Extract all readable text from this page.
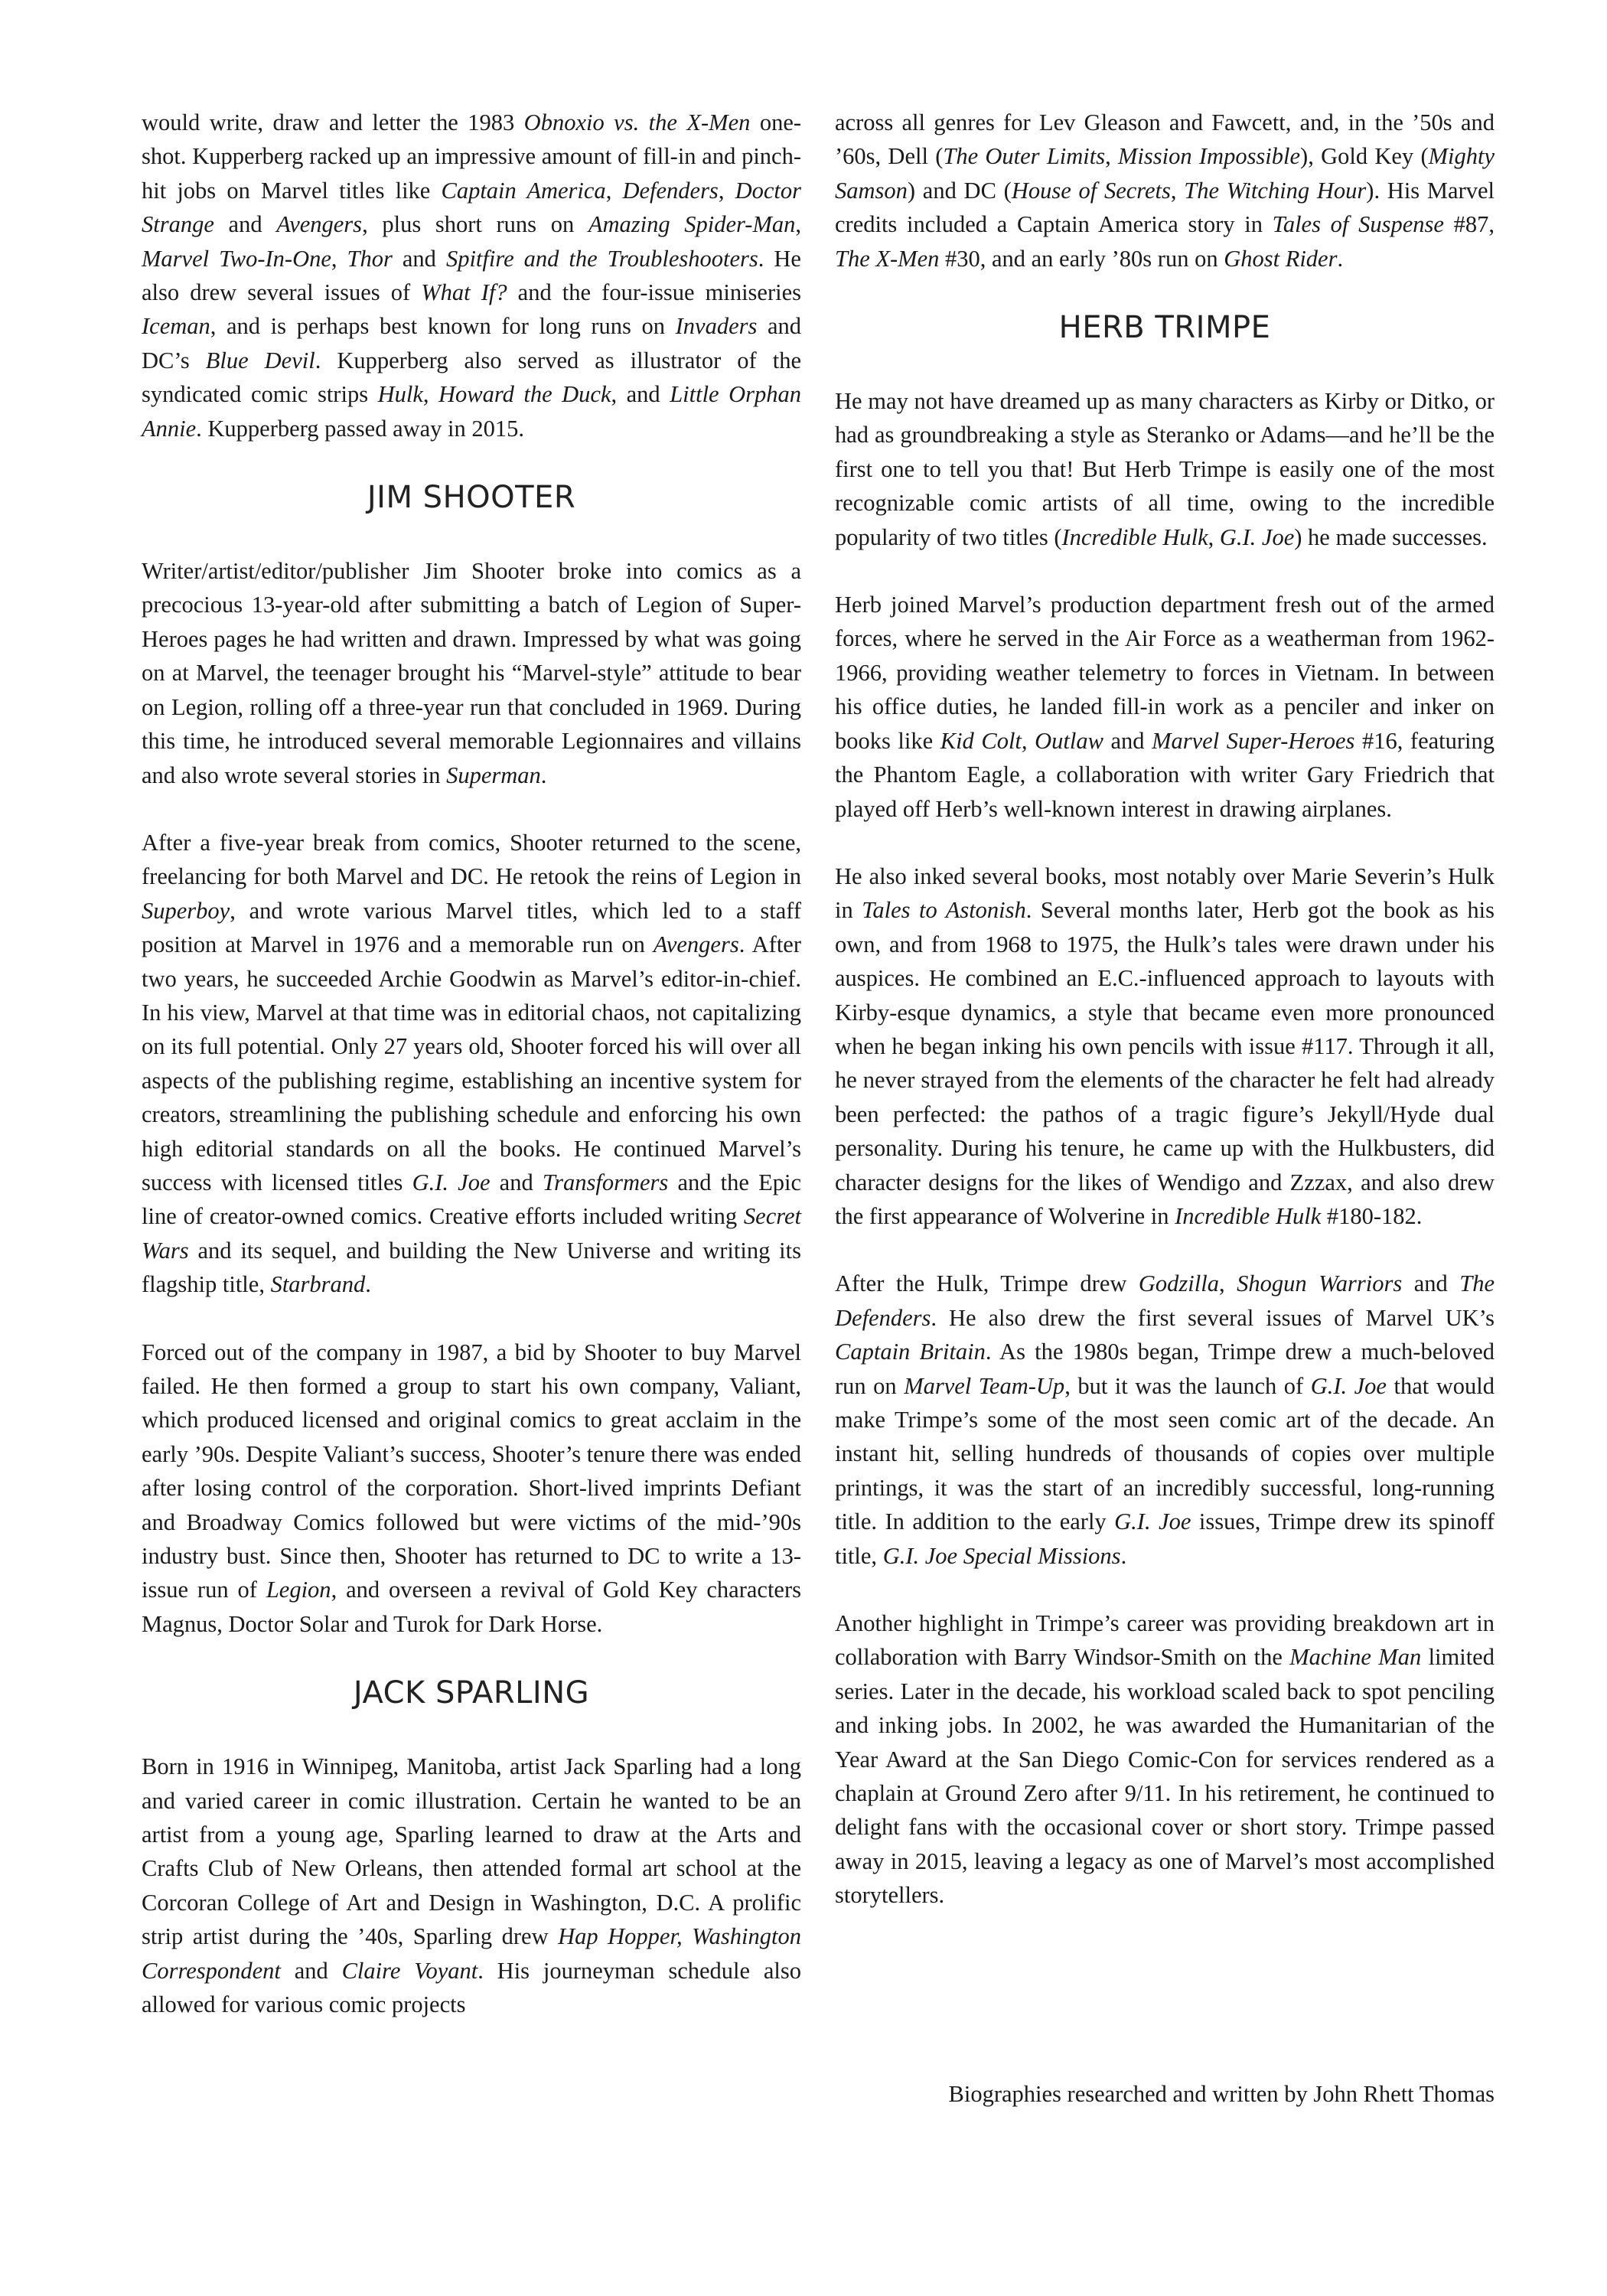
would write, draw and letter the 1983 Obnoxio vs. the X-Men one-shot. Kupperberg racked up an impressive amount of fill-in and pinch-hit jobs on Marvel titles like Captain America, Defenders, Doctor Strange and Avengers, plus short runs on Amazing Spider-Man, Marvel Two-In-One, Thor and Spitfire and the Troubleshooters. He also drew several issues of What If? and the four-issue miniseries Iceman, and is perhaps best known for long runs on Invaders and DC’s Blue Devil. Kupperberg also served as illustrator of the syndicated comic strips Hulk, Howard the Duck, and Little Orphan Annie. Kupperberg passed away in 2015.

JIM SHOOTER

Writer/artist/editor/publisher Jim Shooter broke into comics as a precocious 13-year-old after submitting a batch of Legion of Super-Heroes pages he had written and drawn. Impressed by what was going on at Marvel, the teenager brought his “Marvel-style” attitude to bear on Legion, rolling off a three-year run that concluded in 1969. During this time, he introduced several memorable Legionnaires and villains and also wrote several stories in Superman.

After a five-year break from comics, Shooter returned to the scene, freelancing for both Marvel and DC. He retook the reins of Legion in Superboy, and wrote various Marvel titles, which led to a staff position at Marvel in 1976 and a memorable run on Avengers. After two years, he succeeded Archie Goodwin as Marvel’s editor-in-chief. In his view, Marvel at that time was in editorial chaos, not capitalizing on its full potential. Only 27 years old, Shooter forced his will over all aspects of the publishing regime, establishing an incentive system for creators, streamlining the publishing schedule and enforcing his own high editorial standards on all the books. He continued Marvel’s success with licensed titles G.I. Joe and Transformers and the Epic line of creator-owned comics. Creative efforts included writing Secret Wars and its sequel, and building the New Universe and writing its flagship title, Starbrand.

Forced out of the company in 1987, a bid by Shooter to buy Marvel failed. He then formed a group to start his own company, Valiant, which produced licensed and original comics to great acclaim in the early ’90s. Despite Valiant’s success, Shooter’s tenure there was ended after losing control of the corporation. Short-lived imprints Defiant and Broadway Comics followed but were victims of the mid-’90s industry bust. Since then, Shooter has returned to DC to write a 13-issue run of Legion, and overseen a revival of Gold Key characters Magnus, Doctor Solar and Turok for Dark Horse.

JACK SPARLING

Born in 1916 in Winnipeg, Manitoba, artist Jack Sparling had a long and varied career in comic illustration. Certain he wanted to be an artist from a young age, Sparling learned to draw at the Arts and Crafts Club of New Orleans, then attended formal art school at the Corcoran College of Art and Design in Washington, D.C. A prolific strip artist during the ’40s, Sparling drew Hap Hopper, Washington Correspondent and Claire Voyant. His journeyman schedule also allowed for various comic projects

across all genres for Lev Gleason and Fawcett, and, in the ’50s and ’60s, Dell (The Outer Limits, Mission Impossible), Gold Key (Mighty Samson) and DC (House of Secrets, The Witching Hour). His Marvel credits included a Captain America story in Tales of Suspense #87, The X-Men #30, and an early ’80s run on Ghost Rider.

HERB TRIMPE

He may not have dreamed up as many characters as Kirby or Ditko, or had as groundbreaking a style as Steranko or Adams—and he’ll be the first one to tell you that! But Herb Trimpe is easily one of the most recognizable comic artists of all time, owing to the incredible popularity of two titles (Incredible Hulk, G.I. Joe) he made successes.

Herb joined Marvel’s production department fresh out of the armed forces, where he served in the Air Force as a weatherman from 1962-1966, providing weather telemetry to forces in Vietnam. In between his office duties, he landed fill-in work as a penciler and inker on books like Kid Colt, Outlaw and Marvel Super-Heroes #16, featuring the Phantom Eagle, a collaboration with writer Gary Friedrich that played off Herb’s well-known interest in drawing airplanes.

He also inked several books, most notably over Marie Severin’s Hulk in Tales to Astonish. Several months later, Herb got the book as his own, and from 1968 to 1975, the Hulk’s tales were drawn under his auspices. He combined an E.C.-influenced approach to layouts with Kirby-esque dynamics, a style that became even more pronounced when he began inking his own pencils with issue #117. Through it all, he never strayed from the elements of the character he felt had already been perfected: the pathos of a tragic figure’s Jekyll/Hyde dual personality. During his tenure, he came up with the Hulkbusters, did character designs for the likes of Wendigo and Zzzax, and also drew the first appearance of Wolverine in Incredible Hulk #180-182.

After the Hulk, Trimpe drew Godzilla, Shogun Warriors and The Defenders. He also drew the first several issues of Marvel UK’s Captain Britain. As the 1980s began, Trimpe drew a much-beloved run on Marvel Team-Up, but it was the launch of G.I. Joe that would make Trimpe’s some of the most seen comic art of the decade. An instant hit, selling hundreds of thousands of copies over multiple printings, it was the start of an incredibly successful, long-running title. In addition to the early G.I. Joe issues, Trimpe drew its spinoff title, G.I. Joe Special Missions.

Another highlight in Trimpe’s career was providing breakdown art in collaboration with Barry Windsor-Smith on the Machine Man limited series. Later in the decade, his workload scaled back to spot penciling and inking jobs. In 2002, he was awarded the Humanitarian of the Year Award at the San Diego Comic-Con for services rendered as a chaplain at Ground Zero after 9/11. In his retirement, he continued to delight fans with the occasional cover or short story. Trimpe passed away in 2015, leaving a legacy as one of Marvel’s most accomplished storytellers.

Biographies researched and written by John Rhett Thomas
